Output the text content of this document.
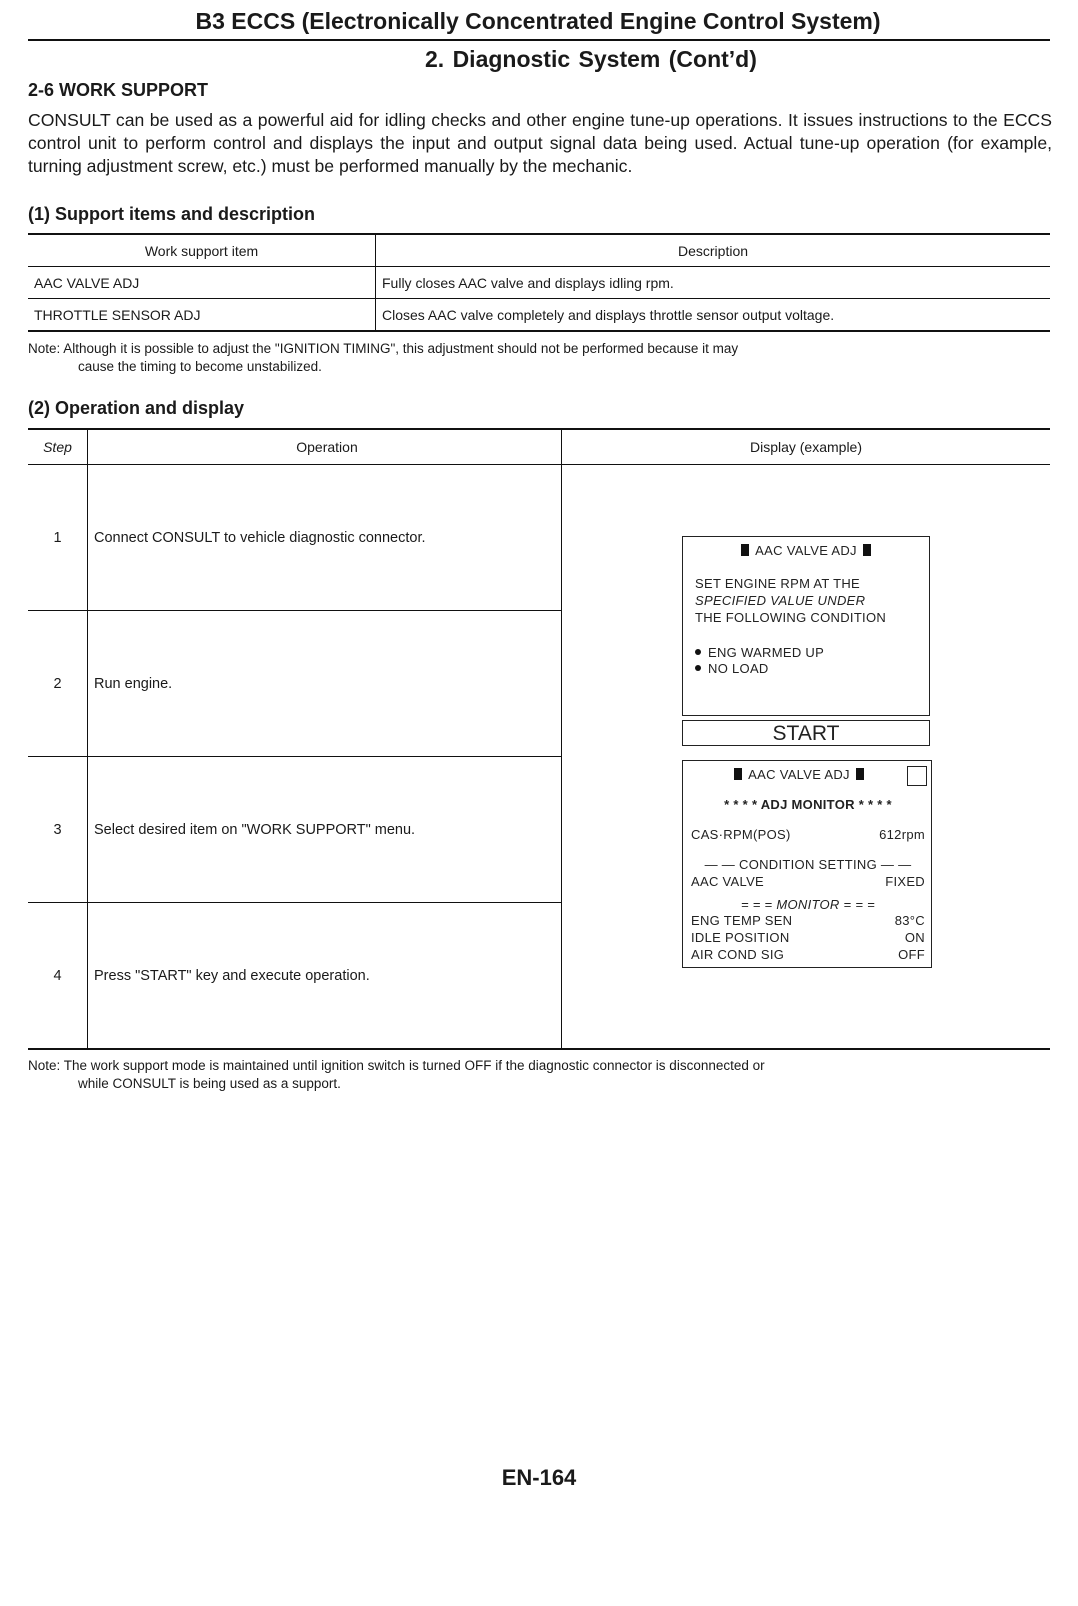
B3 ECCS (Electronically Concentrated Engine Control System)
2. Diagnostic System (Cont’d)
2-6 WORK SUPPORT
CONSULT can be used as a powerful aid for idling checks and other engine tune-up operations. It issues instructions to the ECCS control unit to perform control and displays the input and output signal data being used. Actual tune-up operation (for example, turning adjustment screw, etc.) must be performed manually by the mechanic.
(1) Support items and description
Work support item	Description
AAC VALVE ADJ	Fully closes AAC valve and displays idling rpm.
THROTTLE SENSOR ADJ	Closes AAC valve completely and displays throttle sensor output voltage.
Note: Although it is possible to adjust the "IGNITION TIMING", this adjustment should not be performed because it may
cause the timing to become unstabilized.
(2) Operation and display
Step	Operation	Display (example)
1	Connect CONSULT to vehicle diagnostic connector.	
2	Run engine.	
3	Select desired item on "WORK SUPPORT" menu.	
4	Press "START" key and execute operation.	
AAC VALVE ADJ
SET ENGINE RPM AT THE
SPECIFIED VALUE UNDER
THE FOLLOWING CONDITION
ENG WARMED UP
NO LOAD
START
AAC VALVE ADJ
* * * * ADJ MONITOR * * * *
CAS·RPM(POS)	612rpm
— — CONDITION SETTING — —
AAC VALVE	FIXED
= = = MONITOR = = =
ENG TEMP SEN	83°C
IDLE POSITION	ON
AIR COND SIG	OFF
Note: The work support mode is maintained until ignition switch is turned OFF if the diagnostic connector is disconnected or
while CONSULT is being used as a support.
EN-164
